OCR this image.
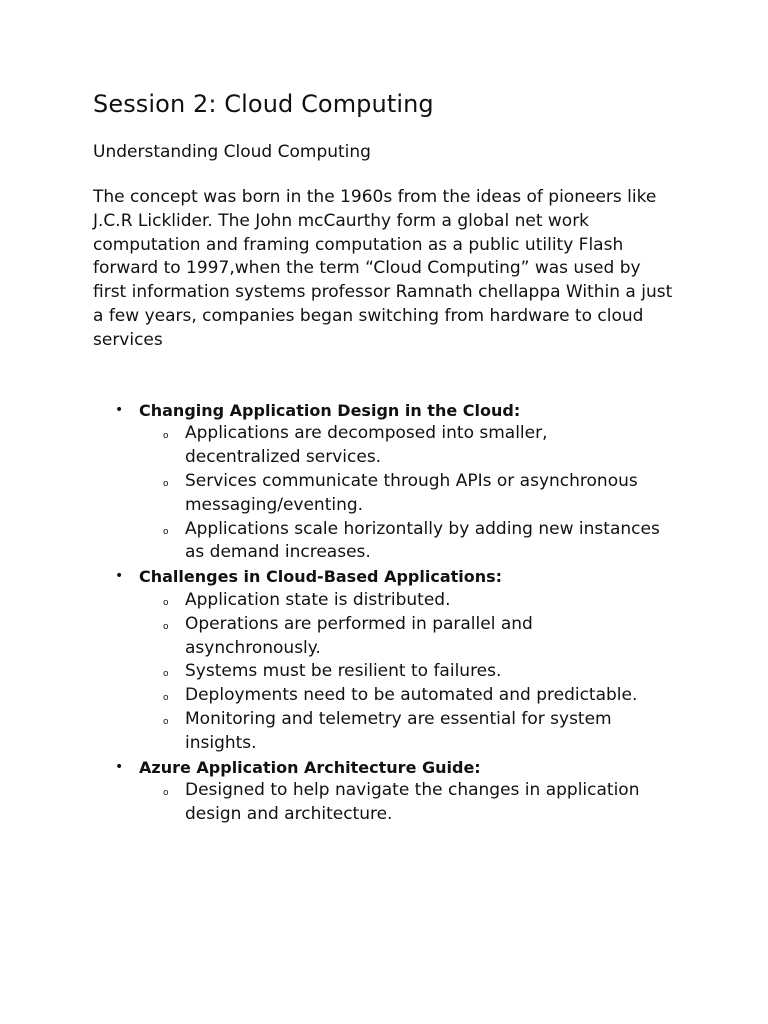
Session 2: Cloud Computing

Understanding Cloud Computing

The concept was born in the 1960s from the ideas of pioneers like J.C.R Licklider. The John mcCaurthy form a global net work computation and framing computation as a public utility Flash forward to 1997,when the term “Cloud Computing” was used by first information systems professor Ramnath chellappa Within a just a few years, companies began switching from hardware to cloud services

• Changing Application Design in the Cloud:
o Applications are decomposed into smaller, decentralized services.
o Services communicate through APIs or asynchronous messaging/eventing.
o Applications scale horizontally by adding new instances as demand increases.
• Challenges in Cloud-Based Applications:
o Application state is distributed.
o Operations are performed in parallel and asynchronously.
o Systems must be resilient to failures.
o Deployments need to be automated and predictable.
o Monitoring and telemetry are essential for system insights.
• Azure Application Architecture Guide:
o Designed to help navigate the changes in application design and architecture.
